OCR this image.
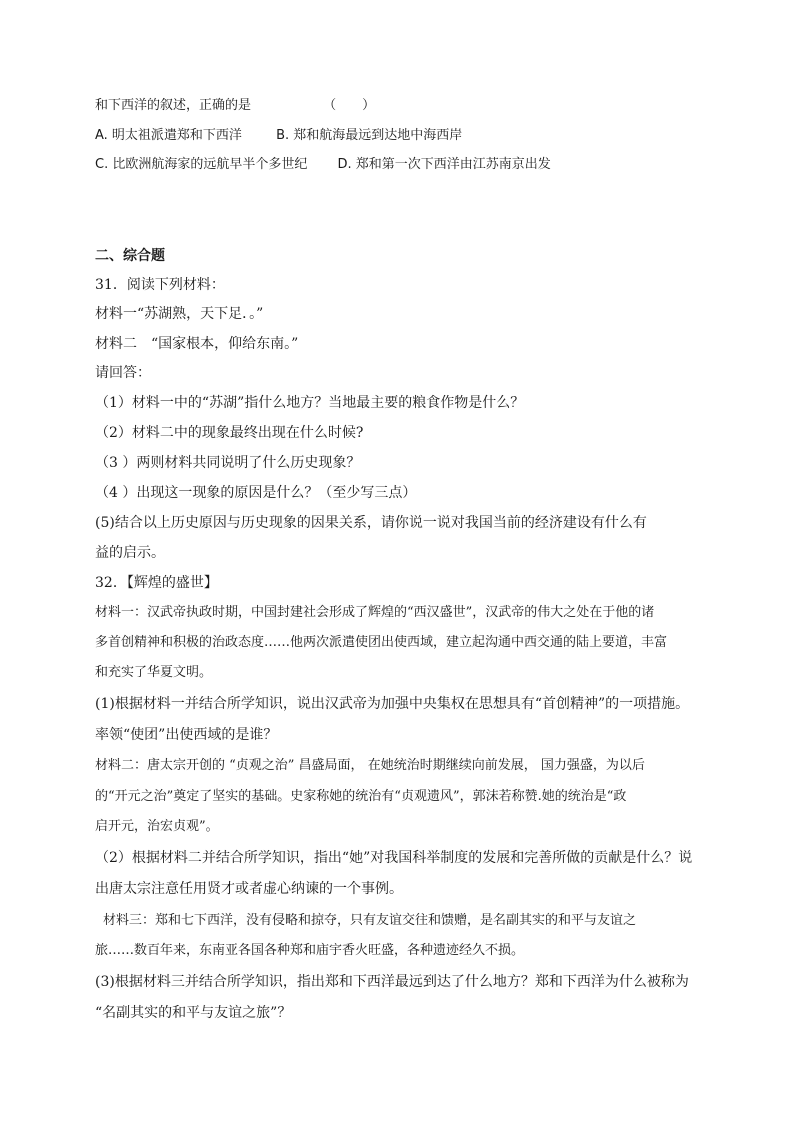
和下西洋的叙述，正确的是	（　　）
A. 明太祖派遣郑和下西洋	B. 郑和航海最远到达地中海西岸
C. 比欧洲航海家的远航早半个多世纪 D. 郑和第一次下西洋由江苏南京出发
二、综合题
31．阅读下列材料：
材料一“苏湖熟，天下足．。”
材料二　“国家根本，仰给东南。”
请回答：
（1）材料一中的“苏湖”指什么地方？当地最主要的粮食作物是什么？
（2）材料二中的现象最终出现在什么时候?
（3 ）两则材料共同说明了什么历史现象？
（4 ）出现这一现象的原因是什么？（至少写三点）
(5)结合以上历史原因与历史现象的因果关系，请你说一说对我国当前的经济建设有什么有
益的启示。
32．【辉煌的盛世】
材料一：汉武帝执政时期，中国封建社会形成了辉煌的“西汉盛世”，汉武帝的伟大之处在于他的诸
多首创精神和积极的治政态度……他两次派遣使团出使西域，建立起沟通中西交通的陆上要道，丰富
和充实了华夏文明。
(1)根据材料一并结合所学知识，说出汉武帝为加强中央集权在思想具有“首创精神”的一项措施。
率领“使团”出使西域的是谁？
材料二：唐太宗开创的 “贞观之治” 昌盛局面， 在她统治时期继续向前发展， 国力强盛，为以后
的“开元之治”奠定了坚实的基础。史家称她的统治有“贞观遗风”，郭沫若称赞.她的统治是“政
启开元，治宏贞观”。
（2）根据材料二并结合所学知识，指出“她”对我国科举制度的发展和完善所做的贡献是什么？说
出唐太宗注意任用贤才或者虚心纳谏的一个事例。
材料三：郑和七下西洋，没有侵略和掠夺，只有友谊交往和馈赠，是名副其实的和平与友谊之
旅……数百年来，东南亚各国各种郑和庙宇香火旺盛，各种遗迹经久不损。
(3)根据材料三并结合所学知识，指出郑和下西洋最远到达了什么地方？郑和下西洋为什么被称为
“名副其实的和平与友谊之旅”？
